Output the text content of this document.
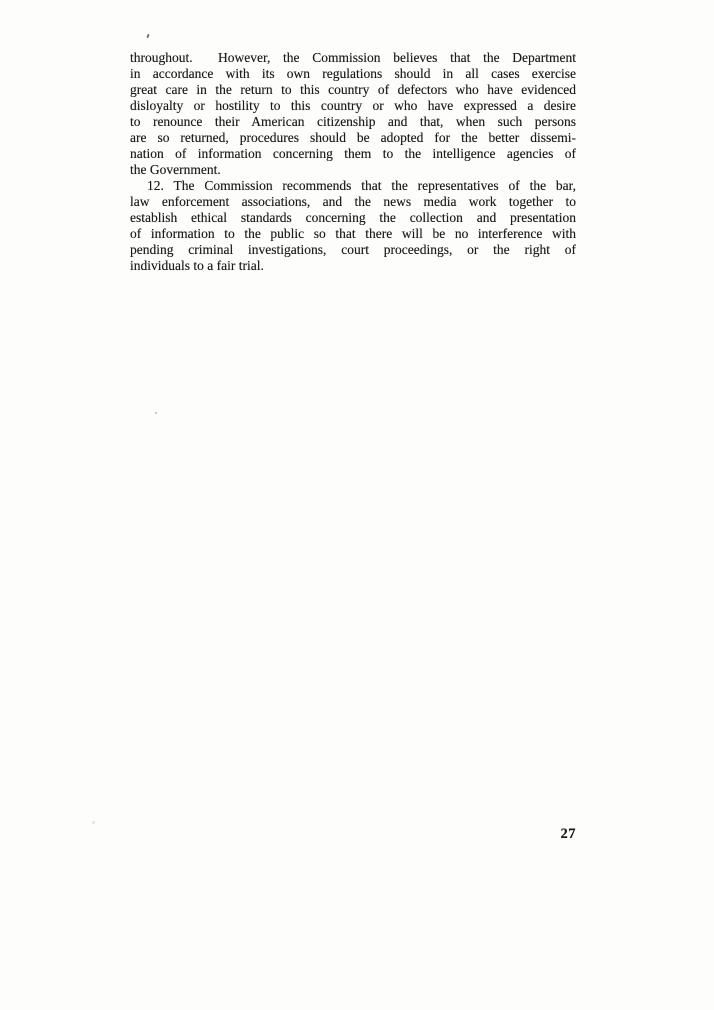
throughout.  However, the Commission believes that the Department
in accordance with its own regulations should in all cases exercise
great care in the return to this country of defectors who have evidenced
disloyalty or hostility to this country or who have expressed a desire
to renounce their American citizenship and that, when such persons
are so returned, procedures should be adopted for the better dissemi-
nation of information concerning them to the intelligence agencies of
the Government.
12. The Commission recommends that the representatives of the bar,
law enforcement associations, and the news media work together to
establish ethical standards concerning the collection and presentation
of information to the public so that there will be no interference with
pending criminal investigations, court proceedings, or the right of
individuals to a fair trial.
27
